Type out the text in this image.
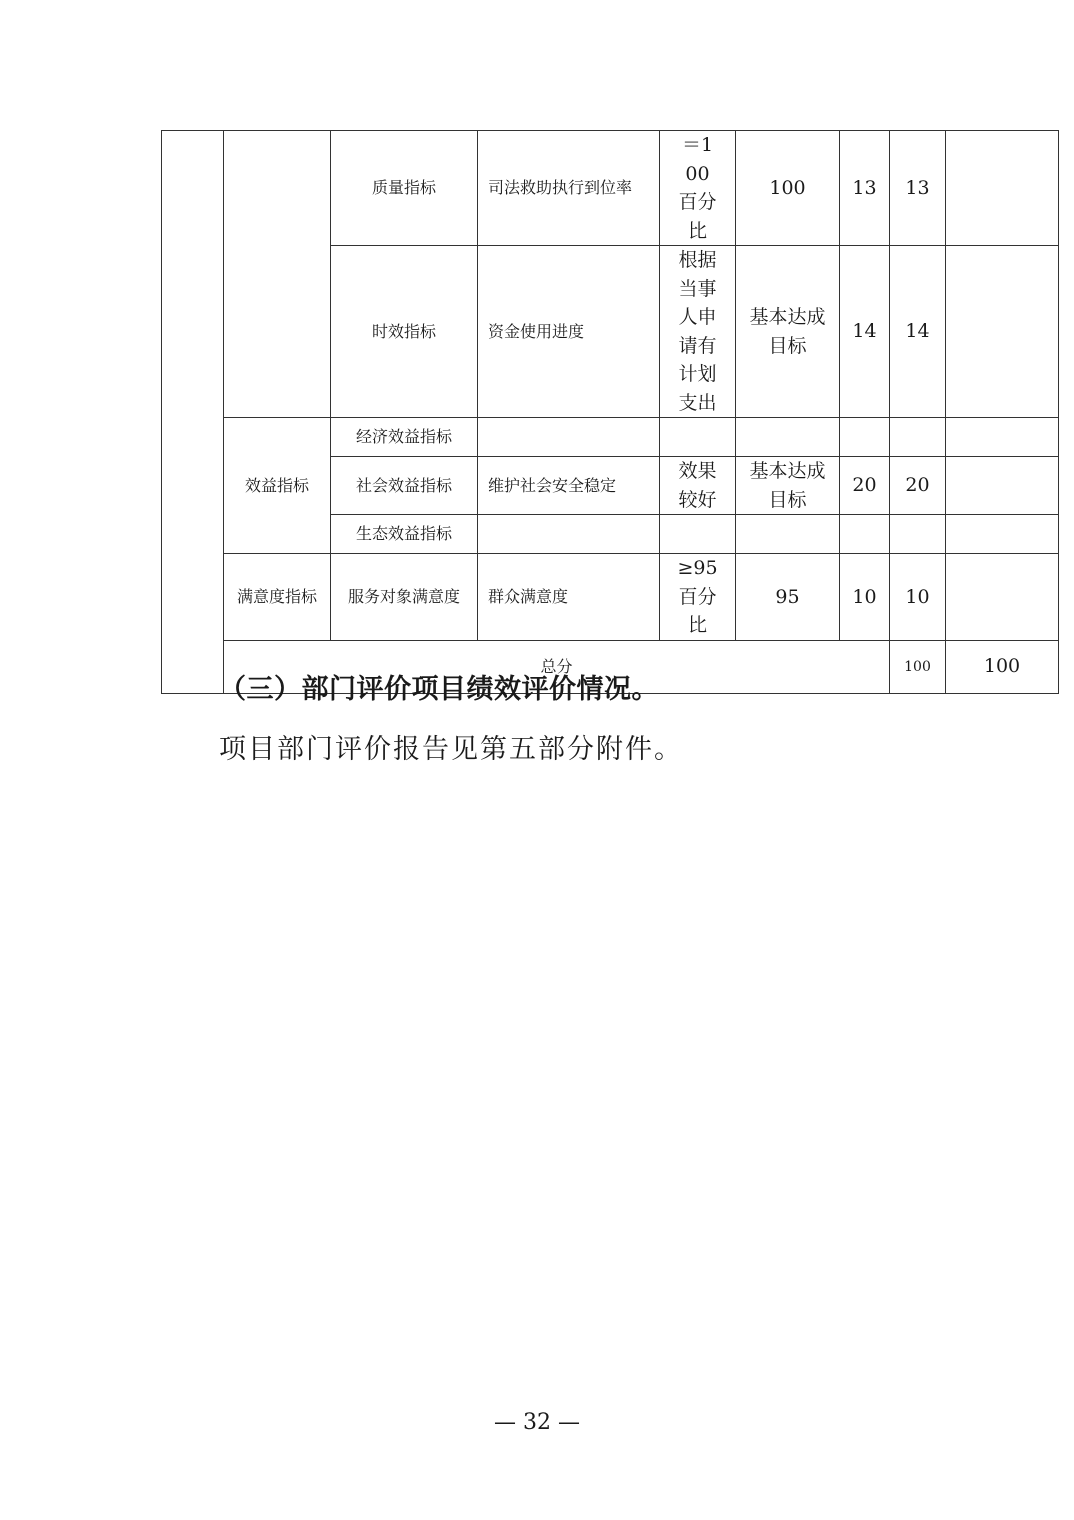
		质量指标	司法救助执行到位率	＝100百分比	100	13	13		
		时效指标	资金使用进度	根据当事人申请有计划支出	基本达成目标	14	14		
	效益指标	经济效益指标							
		社会效益指标	维护社会安全稳定	效果较好	基本达成目标	20	20		
		生态效益指标							
	满意度指标	服务对象满意度	群众满意度	≥95百分比	95	10	10		
	总分						100	100	
（三）部门评价项目绩效评价情况。
项目部门评价报告见第五部分附件。
— 32 —
